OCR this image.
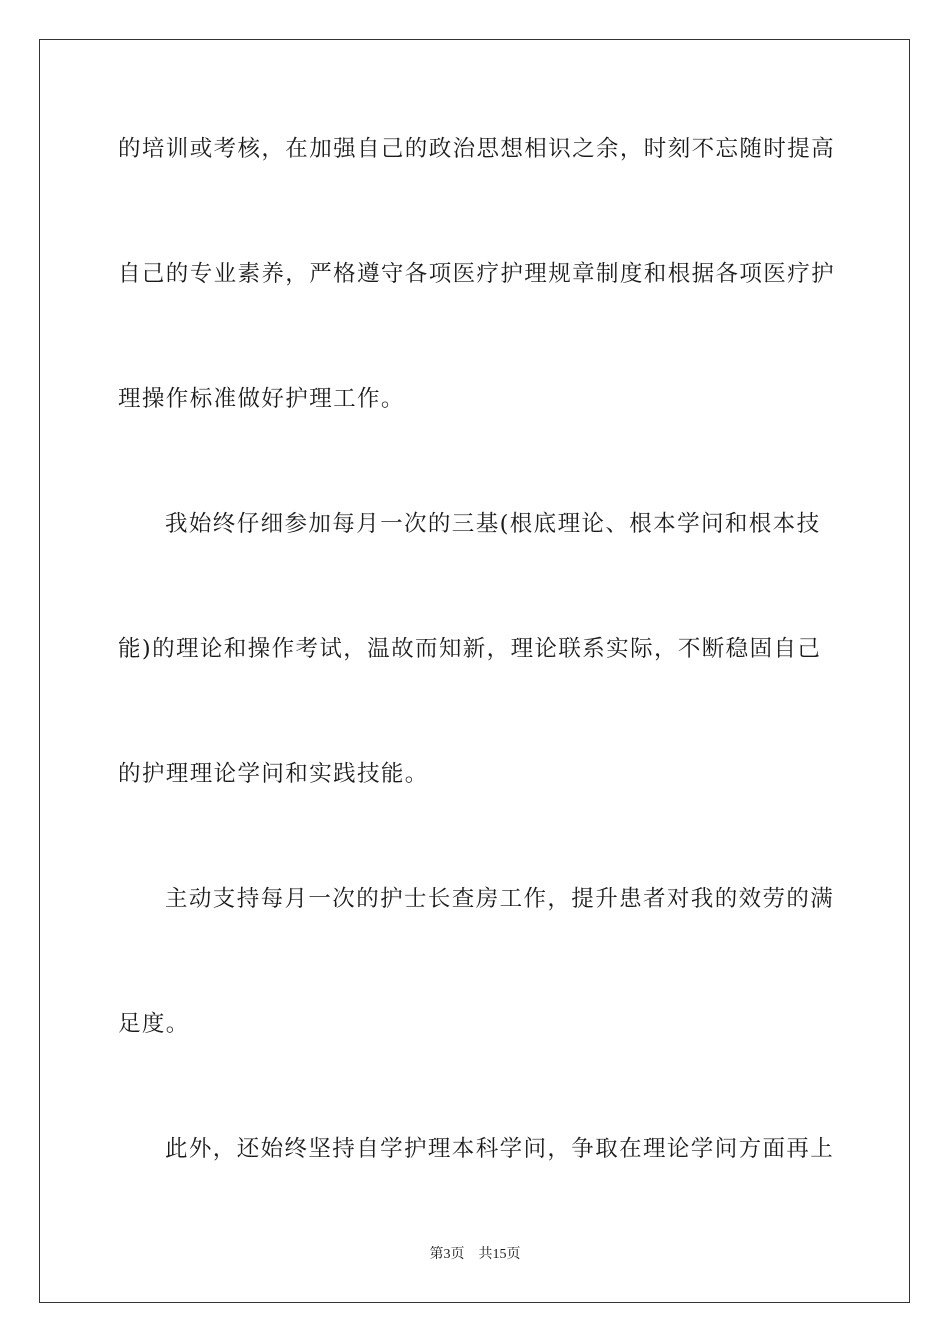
的培训或考核，在加强自己的政治思想相识之余，时刻不忘随时提高
自己的专业素养，严格遵守各项医疗护理规章制度和根据各项医疗护
理操作标准做好护理工作。
我始终仔细参加每月一次的三基(根底理论、根本学问和根本技
能)的理论和操作考试，温故而知新，理论联系实际，不断稳固自己
的护理理论学问和实践技能。
主动支持每月一次的护士长查房工作，提升患者对我的效劳的满
足度。
此外，还始终坚持自学护理本科学问，争取在理论学问方面再上
第3页 共15页
